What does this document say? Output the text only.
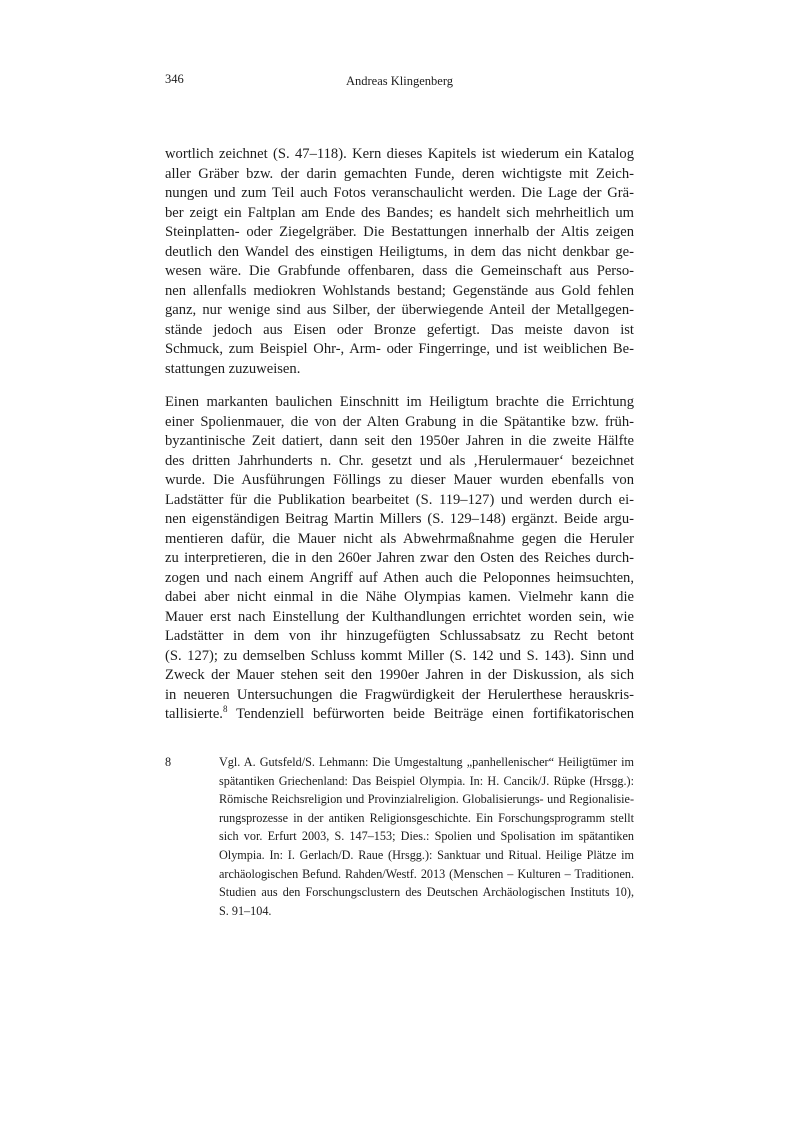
346	Andreas Klingenberg
wortlich zeichnet (S. 47–118). Kern dieses Kapitels ist wiederum ein Katalog
aller Gräber bzw. der darin gemachten Funde, deren wichtigste mit Zeich-
nungen und zum Teil auch Fotos veranschaulicht werden. Die Lage der Grä-
ber zeigt ein Faltplan am Ende des Bandes; es handelt sich mehrheitlich um
Steinplatten- oder Ziegelgräber. Die Bestattungen innerhalb der Altis zeigen
deutlich den Wandel des einstigen Heiligtums, in dem das nicht denkbar ge-
wesen wäre. Die Grabfunde offenbaren, dass die Gemeinschaft aus Perso-
nen allenfalls mediokren Wohlstands bestand; Gegenstände aus Gold fehlen
ganz, nur wenige sind aus Silber, der überwiegende Anteil der Metallgegen-
stände jedoch aus Eisen oder Bronze gefertigt. Das meiste davon ist
Schmuck, zum Beispiel Ohr-, Arm- oder Fingerringe, und ist weiblichen Be-
stattungen zuzuweisen.
Einen markanten baulichen Einschnitt im Heiligtum brachte die Errichtung
einer Spolienmauer, die von der Alten Grabung in die Spätantike bzw. früh-
byzantinische Zeit datiert, dann seit den 1950er Jahren in die zweite Hälfte
des dritten Jahrhunderts n. Chr. gesetzt und als ‚Herulermauer‘ bezeichnet
wurde. Die Ausführungen Föllings zu dieser Mauer wurden ebenfalls von
Ladstätter für die Publikation bearbeitet (S. 119–127) und werden durch ei-
nen eigenständigen Beitrag Martin Millers (S. 129–148) ergänzt. Beide argu-
mentieren dafür, die Mauer nicht als Abwehrmaßnahme gegen die Heruler
zu interpretieren, die in den 260er Jahren zwar den Osten des Reiches durch-
zogen und nach einem Angriff auf Athen auch die Peloponnes heimsuchten,
dabei aber nicht einmal in die Nähe Olympias kamen. Vielmehr kann die
Mauer erst nach Einstellung der Kulthandlungen errichtet worden sein, wie
Ladstätter in dem von ihr hinzugefügten Schlussabsatz zu Recht betont
(S. 127); zu demselben Schluss kommt Miller (S. 142 und S. 143). Sinn und
Zweck der Mauer stehen seit den 1990er Jahren in der Diskussion, als sich
in neueren Untersuchungen die Fragwürdigkeit der Herulerthese herauskris-
tallisierte.$^8$ Tendenziell befürworten beide Beiträge einen fortifikatorischen
8	Vgl. A. Gutsfeld/S. Lehmann: Die Umgestaltung „panhellenischer“ Heiligtümer im
spätantiken Griechenland: Das Beispiel Olympia. In: H. Cancik/J. Rüpke (Hrsgg.):
Römische Reichsreligion und Provinzialreligion. Globalisierungs- und Regionalisie-
rungsprozesse in der antiken Religionsgeschichte. Ein Forschungsprogramm stellt
sich vor. Erfurt 2003, S. 147–153; Dies.: Spolien und Spolisation im spätantiken
Olympia. In: I. Gerlach/D. Raue (Hrsgg.): Sanktuar und Ritual. Heilige Plätze im
archäologischen Befund. Rahden/Westf. 2013 (Menschen – Kulturen – Traditionen.
Studien aus den Forschungsclustern des Deutschen Archäologischen Instituts 10),
S. 91–104.
